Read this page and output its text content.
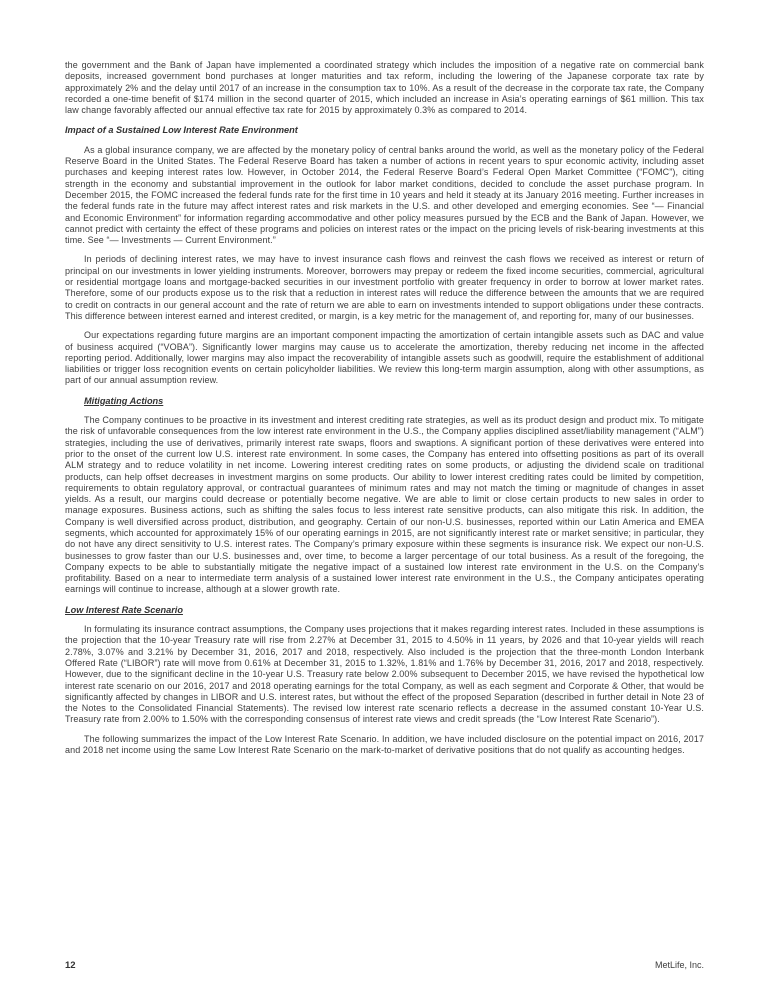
the government and the Bank of Japan have implemented a coordinated strategy which includes the imposition of a negative rate on commercial bank deposits, increased government bond purchases at longer maturities and tax reform, including the lowering of the Japanese corporate tax rate by approximately 2% and the delay until 2017 of an increase in the consumption tax to 10%. As a result of the decrease in the corporate tax rate, the Company recorded a one-time benefit of $174 million in the second quarter of 2015, which included an increase in Asia’s operating earnings of $61 million. This tax law change favorably affected our annual effective tax rate for 2015 by approximately 0.3% as compared to 2014.

Impact of a Sustained Low Interest Rate Environment

As a global insurance company, we are affected by the monetary policy of central banks around the world, as well as the monetary policy of the Federal Reserve Board in the United States. The Federal Reserve Board has taken a number of actions in recent years to spur economic activity, including asset purchases and keeping interest rates low. However, in October 2014, the Federal Reserve Board’s Federal Open Market Committee (“FOMC”), citing strength in the economy and substantial improvement in the outlook for labor market conditions, decided to conclude the asset purchase program. In December 2015, the FOMC increased the federal funds rate for the first time in 10 years and held it steady at its January 2016 meeting. Further increases in the federal funds rate in the future may affect interest rates and risk markets in the U.S. and other developed and emerging economies. See “— Financial and Economic Environment” for information regarding accommodative and other policy measures pursued by the ECB and the Bank of Japan. However, we cannot predict with certainty the effect of these programs and policies on interest rates or the impact on the pricing levels of risk-bearing investments at this time. See “— Investments — Current Environment.”

In periods of declining interest rates, we may have to invest insurance cash flows and reinvest the cash flows we received as interest or return of principal on our investments in lower yielding instruments. Moreover, borrowers may prepay or redeem the fixed income securities, commercial, agricultural or residential mortgage loans and mortgage-backed securities in our investment portfolio with greater frequency in order to borrow at lower market rates. Therefore, some of our products expose us to the risk that a reduction in interest rates will reduce the difference between the amounts that we are required to credit on contracts in our general account and the rate of return we are able to earn on investments intended to support obligations under these contracts. This difference between interest earned and interest credited, or margin, is a key metric for the management of, and reporting for, many of our businesses.

Our expectations regarding future margins are an important component impacting the amortization of certain intangible assets such as DAC and value of business acquired (“VOBA”). Significantly lower margins may cause us to accelerate the amortization, thereby reducing net income in the affected reporting period. Additionally, lower margins may also impact the recoverability of intangible assets such as goodwill, require the establishment of additional liabilities or trigger loss recognition events on certain policyholder liabilities. We review this long-term margin assumption, along with other assumptions, as part of our annual assumption review.

Mitigating Actions

The Company continues to be proactive in its investment and interest crediting rate strategies, as well as its product design and product mix. To mitigate the risk of unfavorable consequences from the low interest rate environment in the U.S., the Company applies disciplined asset/liability management (“ALM”) strategies, including the use of derivatives, primarily interest rate swaps, floors and swaptions. A significant portion of these derivatives were entered into prior to the onset of the current low U.S. interest rate environment. In some cases, the Company has entered into offsetting positions as part of its overall ALM strategy and to reduce volatility in net income. Lowering interest crediting rates on some products, or adjusting the dividend scale on traditional products, can help offset decreases in investment margins on some products. Our ability to lower interest crediting rates could be limited by competition, requirements to obtain regulatory approval, or contractual guarantees of minimum rates and may not match the timing or magnitude of changes in asset yields. As a result, our margins could decrease or potentially become negative. We are able to limit or close certain products to new sales in order to manage exposures. Business actions, such as shifting the sales focus to less interest rate sensitive products, can also mitigate this risk. In addition, the Company is well diversified across product, distribution, and geography. Certain of our non-U.S. businesses, reported within our Latin America and EMEA segments, which accounted for approximately 15% of our operating earnings in 2015, are not significantly interest rate or market sensitive; in particular, they do not have any direct sensitivity to U.S. interest rates. The Company’s primary exposure within these segments is insurance risk. We expect our non-U.S. businesses to grow faster than our U.S. businesses and, over time, to become a larger percentage of our total business. As a result of the foregoing, the Company expects to be able to substantially mitigate the negative impact of a sustained low interest rate environment in the U.S. on the Company’s profitability. Based on a near to intermediate term analysis of a sustained lower interest rate environment in the U.S., the Company anticipates operating earnings will continue to increase, although at a slower growth rate.

Low Interest Rate Scenario

In formulating its insurance contract assumptions, the Company uses projections that it makes regarding interest rates. Included in these assumptions is the projection that the 10-year Treasury rate will rise from 2.27% at December 31, 2015 to 4.50% in 11 years, by 2026 and that 10-year yields will reach 2.78%, 3.07% and 3.21% by December 31, 2016, 2017 and 2018, respectively. Also included is the projection that the three-month London Interbank Offered Rate (“LIBOR”) rate will move from 0.61% at December 31, 2015 to 1.32%, 1.81% and 1.76% by December 31, 2016, 2017 and 2018, respectively. However, due to the significant decline in the 10-year U.S. Treasury rate below 2.00% subsequent to December 2015, we have revised the hypothetical low interest rate scenario on our 2016, 2017 and 2018 operating earnings for the total Company, as well as each segment and Corporate & Other, that would be significantly affected by changes in LIBOR and U.S. interest rates, but without the effect of the proposed Separation (described in further detail in Note 23 of the Notes to the Consolidated Financial Statements). The revised low interest rate scenario reflects a decrease in the assumed constant 10-Year U.S. Treasury rate from 2.00% to 1.50% with the corresponding consensus of interest rate views and credit spreads (the “Low Interest Rate Scenario”).

The following summarizes the impact of the Low Interest Rate Scenario. In addition, we have included disclosure on the potential impact on 2016, 2017 and 2018 net income using the same Low Interest Rate Scenario on the mark-to-market of derivative positions that do not qualify as accounting hedges.

12	MetLife, Inc.
